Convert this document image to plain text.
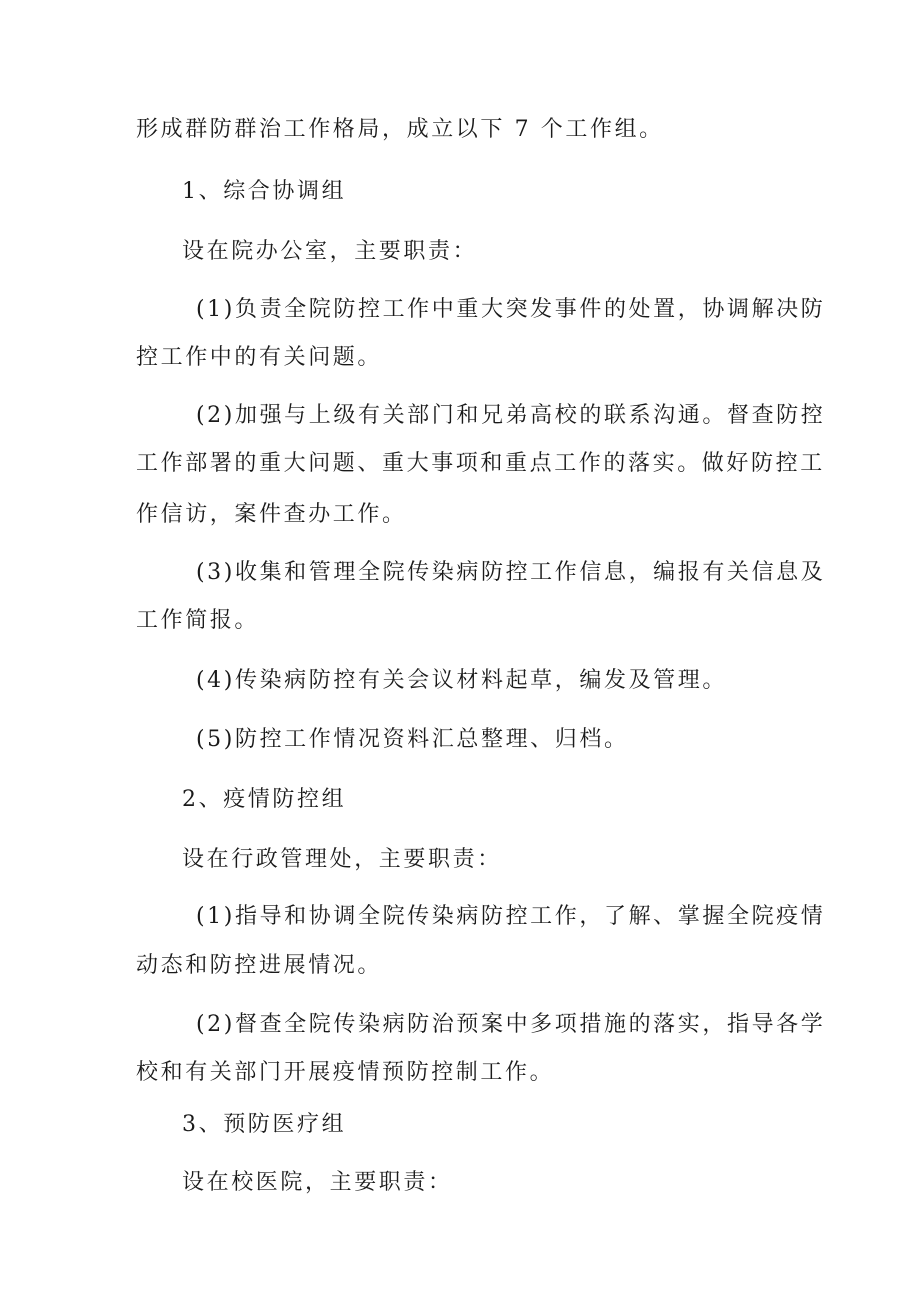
形成群防群治工作格局，成立以下 7 个工作组。
1、综合协调组
设在院办公室，主要职责：
(1)负责全院防控工作中重大突发事件的处置，协调解决防
控工作中的有关问题。
(2)加强与上级有关部门和兄弟高校的联系沟通。督查防控
工作部署的重大问题、重大事项和重点工作的落实。做好防控工
作信访，案件查办工作。
(3)收集和管理全院传染病防控工作信息，编报有关信息及
工作简报。
(4)传染病防控有关会议材料起草，编发及管理。
(5)防控工作情况资料汇总整理、归档。
2、疫情防控组
设在行政管理处，主要职责：
(1)指导和协调全院传染病防控工作，了解、掌握全院疫情
动态和防控进展情况。
(2)督查全院传染病防治预案中多项措施的落实，指导各学
校和有关部门开展疫情预防控制工作。
3、预防医疗组
设在校医院，主要职责：
